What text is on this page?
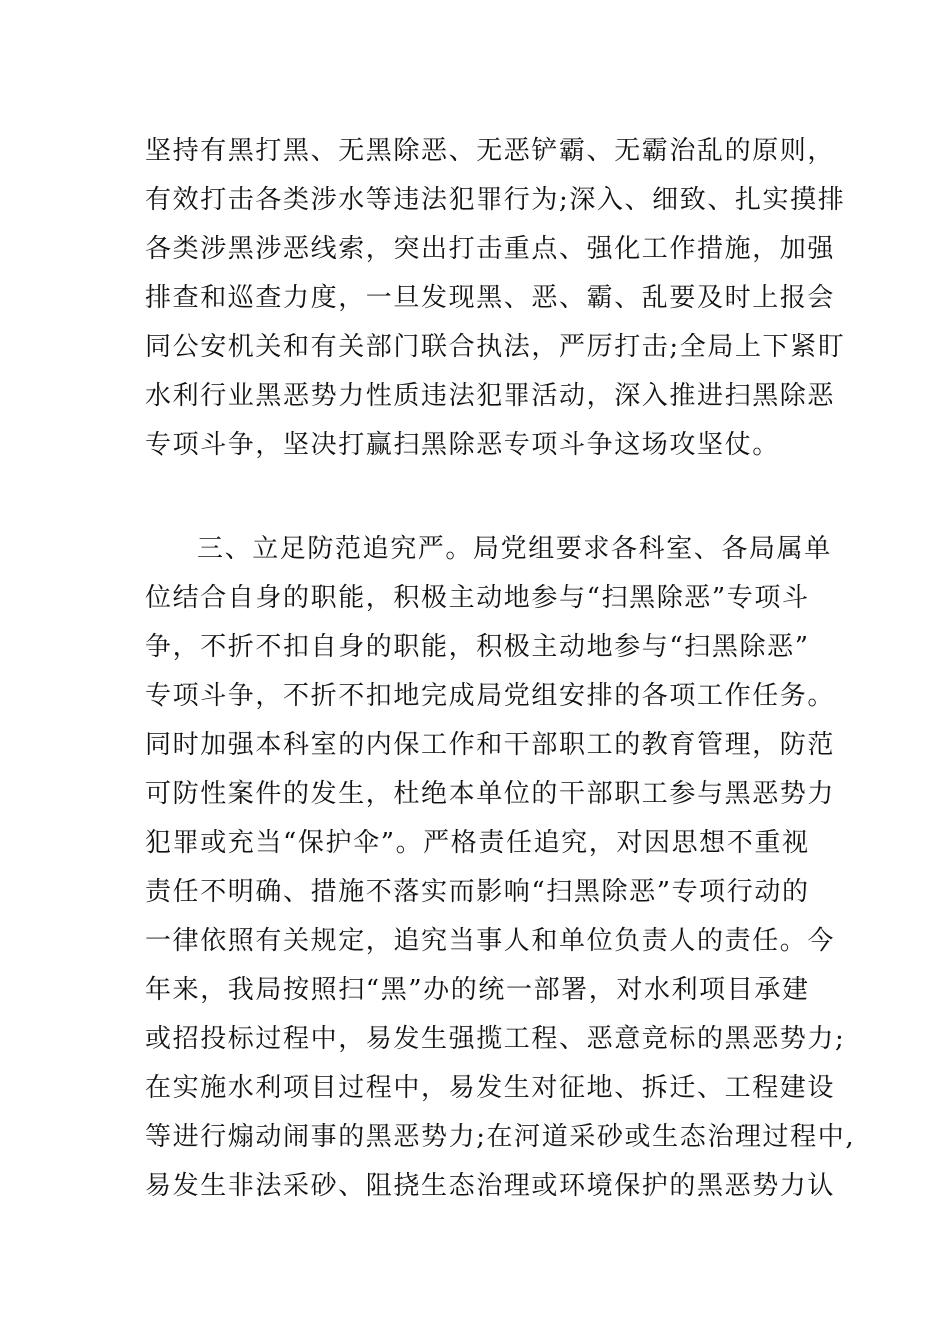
坚持有黑打黑、无黑除恶、无恶铲霸、无霸治乱的原则，
有效打击各类涉水等违法犯罪行为;深入、细致、扎实摸排
各类涉黑涉恶线索，突出打击重点、强化工作措施，加强
排查和巡查力度，一旦发现黑、恶、霸、乱要及时上报会
同公安机关和有关部门联合执法，严厉打击;全局上下紧盯
水利行业黑恶势力性质违法犯罪活动，深入推进扫黑除恶
专项斗争，坚决打赢扫黑除恶专项斗争这场攻坚仗。
三、立足防范追究严。局党组要求各科室、各局属单
位结合自身的职能，积极主动地参与“扫黑除恶”专项斗
争，不折不扣自身的职能，积极主动地参与“扫黑除恶”
专项斗争，不折不扣地完成局党组安排的各项工作任务。
同时加强本科室的内保工作和干部职工的教育管理，防范
可防性案件的发生，杜绝本单位的干部职工参与黑恶势力
犯罪或充当“保护伞”。严格责任追究，对因思想不重视
责任不明确、措施不落实而影响“扫黑除恶”专项行动的
一律依照有关规定，追究当事人和单位负责人的责任。今
年来，我局按照扫“黑”办的统一部署，对水利项目承建
或招投标过程中，易发生强揽工程、恶意竞标的黑恶势力;
在实施水利项目过程中，易发生对征地、拆迁、工程建设
等进行煽动闹事的黑恶势力;在河道采砂或生态治理过程中,
易发生非法采砂、阻挠生态治理或环境保护的黑恶势力认
